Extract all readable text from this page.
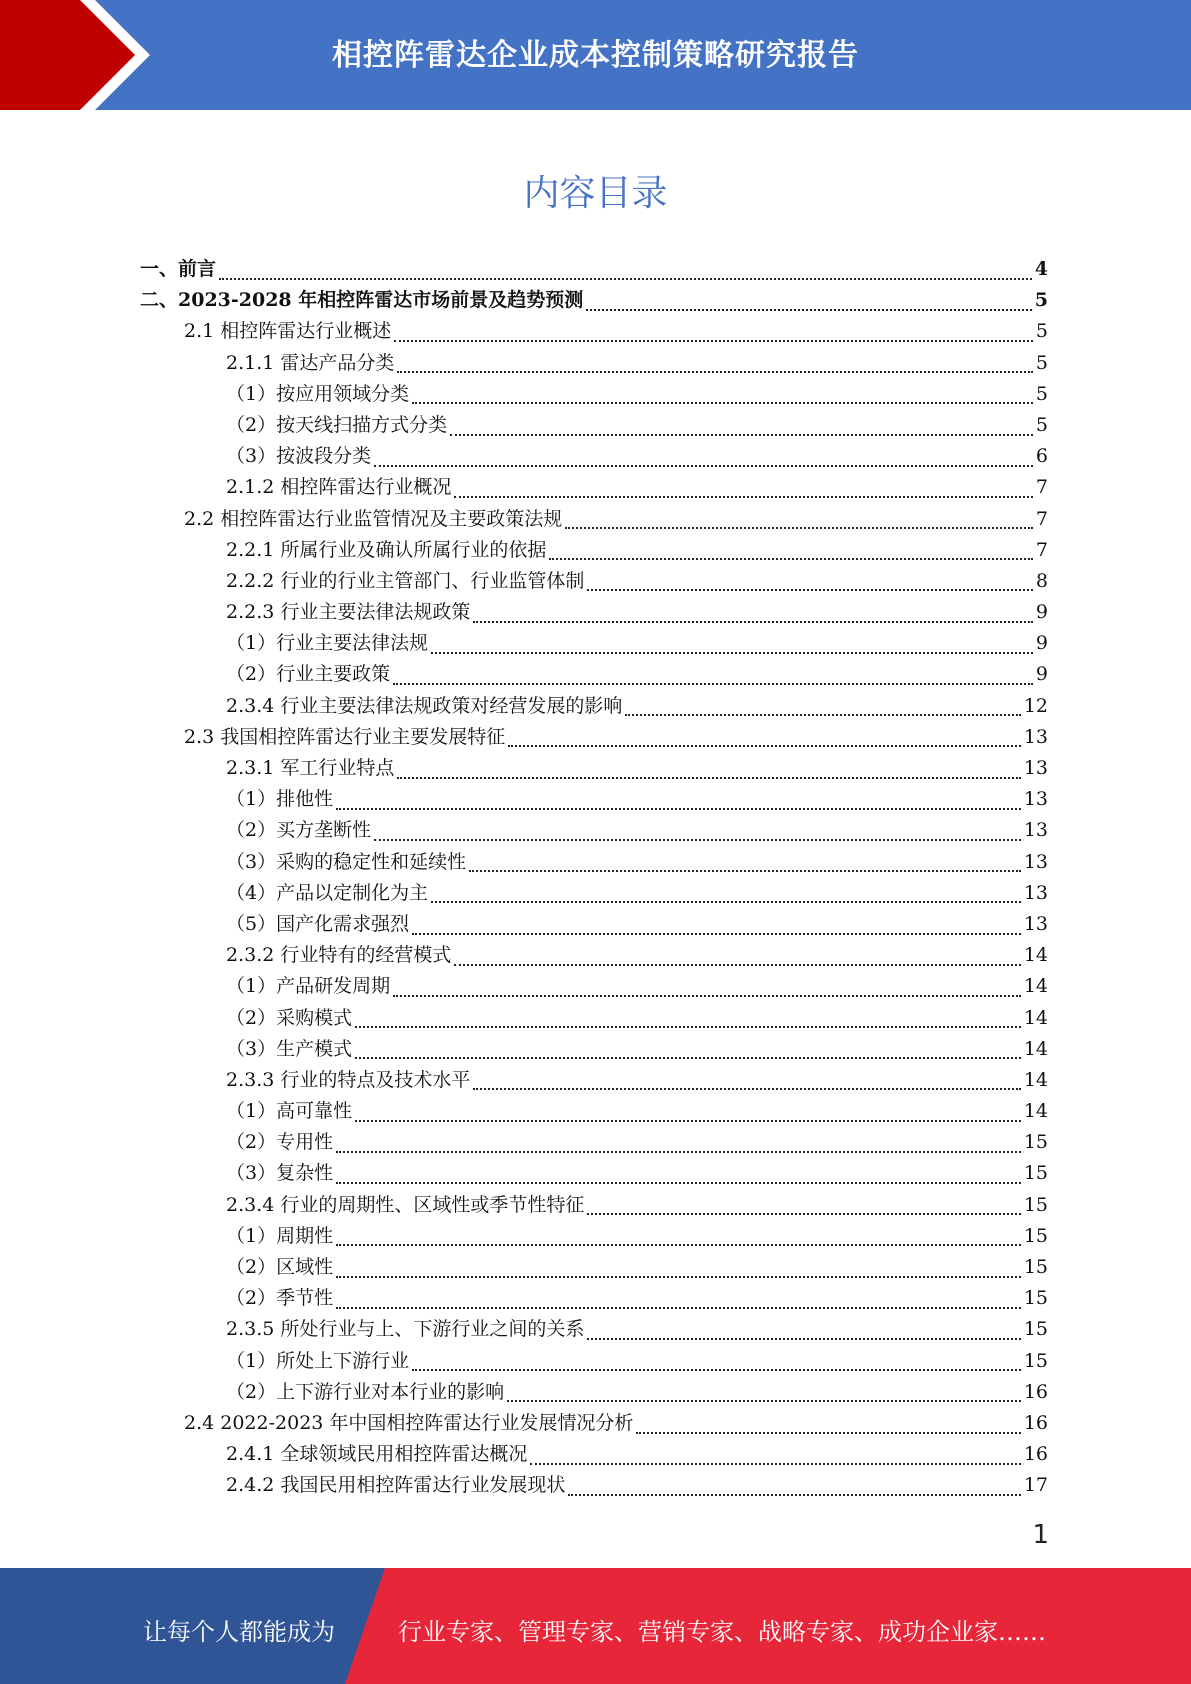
相控阵雷达企业成本控制策略研究报告
内容目录
一、前言	4
二、2023-2028 年相控阵雷达市场前景及趋势预测	5
2.1 相控阵雷达行业概述	5
2.1.1 雷达产品分类	5
（1）按应用领域分类	5
（2）按天线扫描方式分类	5
（3）按波段分类	6
2.1.2 相控阵雷达行业概况	7
2.2 相控阵雷达行业监管情况及主要政策法规	7
2.2.1 所属行业及确认所属行业的依据	7
2.2.2 行业的行业主管部门、行业监管体制	8
2.2.3 行业主要法律法规政策	9
（1）行业主要法律法规	9
（2）行业主要政策	9
2.3.4 行业主要法律法规政策对经营发展的影响	12
2.3 我国相控阵雷达行业主要发展特征	13
2.3.1 军工行业特点	13
（1）排他性	13
（2）买方垄断性	13
（3）采购的稳定性和延续性	13
（4）产品以定制化为主	13
（5）国产化需求强烈	13
2.3.2 行业特有的经营模式	14
（1）产品研发周期	14
（2）采购模式	14
（3）生产模式	14
2.3.3 行业的特点及技术水平	14
（1）高可靠性	14
（2）专用性	15
（3）复杂性	15
2.3.4 行业的周期性、区域性或季节性特征	15
（1）周期性	15
（2）区域性	15
（2）季节性	15
2.3.5 所处行业与上、下游行业之间的关系	15
（1）所处上下游行业	15
（2）上下游行业对本行业的影响	16
2.4 2022-2023 年中国相控阵雷达行业发展情况分析	16
2.4.1 全球领域民用相控阵雷达概况	16
2.4.2 我国民用相控阵雷达行业发展现状	17
1
让每个人都能成为	行业专家、管理专家、营销专家、战略专家、成功企业家……
